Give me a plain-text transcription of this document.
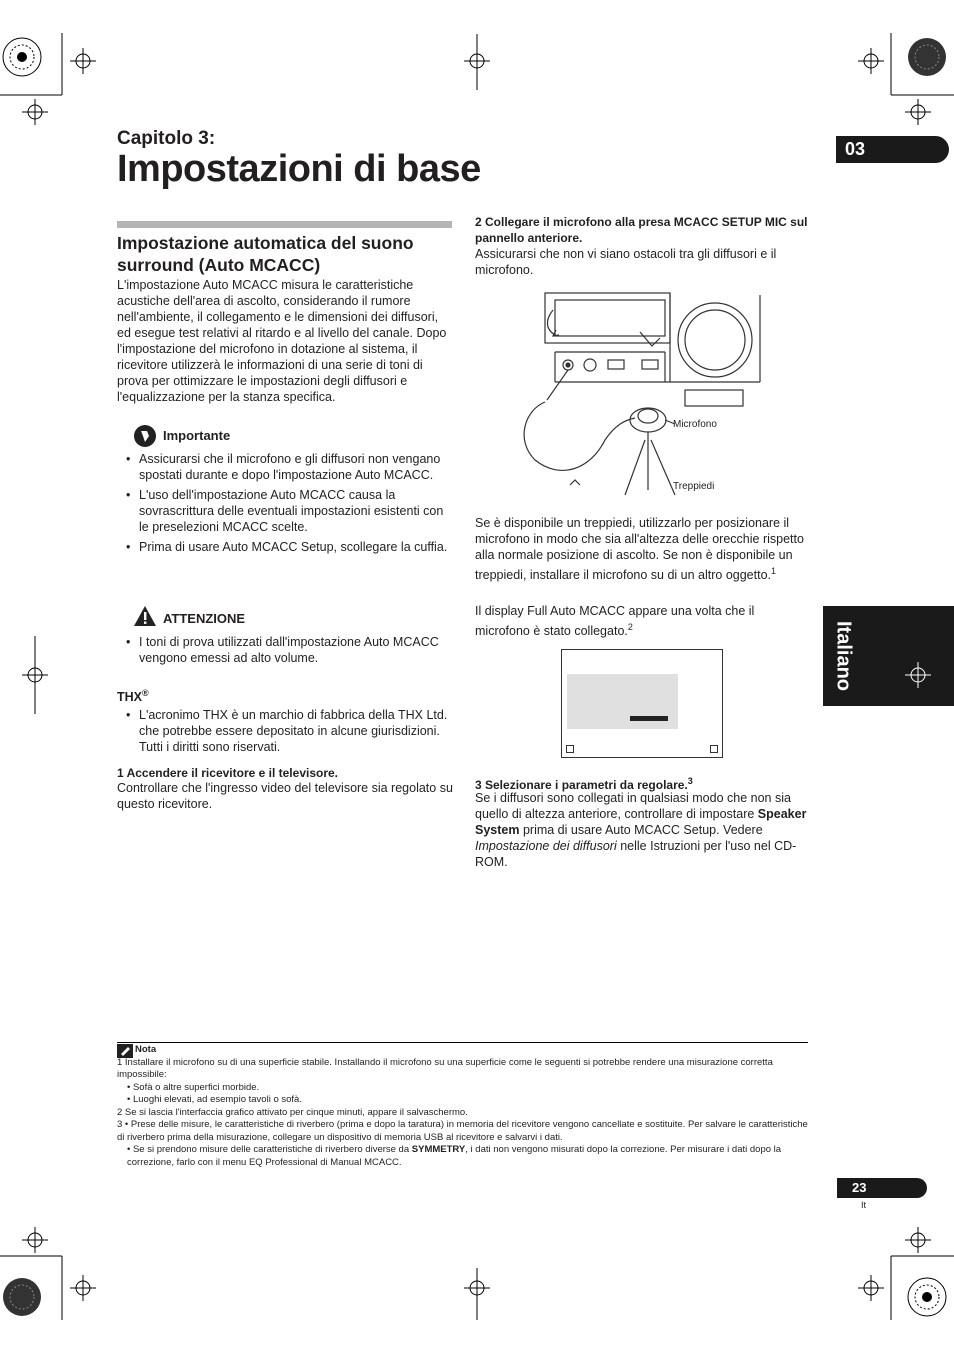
Capitolo 3:
Impostazioni di base	03
Italiano
Impostazione automatica del suono surround (Auto MCACC)
L'impostazione Auto MCACC misura le caratteristiche acustiche dell'area di ascolto, considerando il rumore nell'ambiente, il collegamento e le dimensioni dei diffusori, ed esegue test relativi al ritardo e al livello del canale. Dopo l'impostazione del microfono in dotazione al sistema, il ricevitore utilizzerà le informazioni di una serie di toni di prova per ottimizzare le impostazioni degli diffusori e l'equalizzazione per la stanza specifica.
Importante
• Assicurarsi che il microfono e gli diffusori non vengano spostati durante e dopo l'impostazione Auto MCACC.
• L'uso dell'impostazione Auto MCACC causa la sovrascrittura delle eventuali impostazioni esistenti con le preselezioni MCACC scelte.
• Prima di usare Auto MCACC Setup, scollegare la cuffia.
ATTENZIONE
• I toni di prova utilizzati dall'impostazione Auto MCACC vengono emessi ad alto volume.
THX®
• L'acronimo THX è un marchio di fabbrica della THX Ltd. che potrebbe essere depositato in alcune giurisdizioni. Tutti i diritti sono riservati.
1 Accendere il ricevitore e il televisore.
Controllare che l'ingresso video del televisore sia regolato su questo ricevitore.
2 Collegare il microfono alla presa MCACC SETUP MIC sul pannello anteriore.
Assicurarsi che non vi siano ostacoli tra gli diffusori e il microfono.
Microfono
Treppiedi
Se è disponibile un treppiedi, utilizzarlo per posizionare il microfono in modo che sia all'altezza delle orecchie rispetto alla normale posizione di ascolto. Se non è disponibile un treppiedi, installare il microfono su di un altro oggetto.$^1$
Il display Full Auto MCACC appare una volta che il microfono è stato collegato.$^2$
3 Selezionare i parametri da regolare.$^3$
Se i diffusori sono collegati in qualsiasi modo che non sia quello di altezza anteriore, controllare di impostare Speaker System prima di usare Auto MCACC Setup. Vedere Impostazione dei diffusori nelle Istruzioni per l'uso nel CD-ROM.

Nota

1 Installare il microfono su di una superficie stabile. Installando il microfono su una superficie come le seguenti si potrebbe rendere una misurazione corretta impossibile:

• Sofà o altre superfici morbide.

• Luoghi elevati, ad esempio tavoli o sofà.

2 Se si lascia l'interfaccia grafico attivato per cinque minuti, appare il salvaschermo.

3 • Prese delle misure, le caratteristiche di riverbero (prima e dopo la taratura) in memoria del ricevitore vengono cancellate e sostituite. Per salvare le caratteristiche di riverbero prima della misurazione, collegare un dispositivo di memoria USB al ricevitore e salvarvi i dati.

• Se si prendono misure delle caratteristiche di riverbero diverse da SYMMETRY, i dati non vengono misurati dopo la correzione. Per misurare i dati dopo la correzione, farlo con il menu EQ Professional di Manual MCACC.

23
It
